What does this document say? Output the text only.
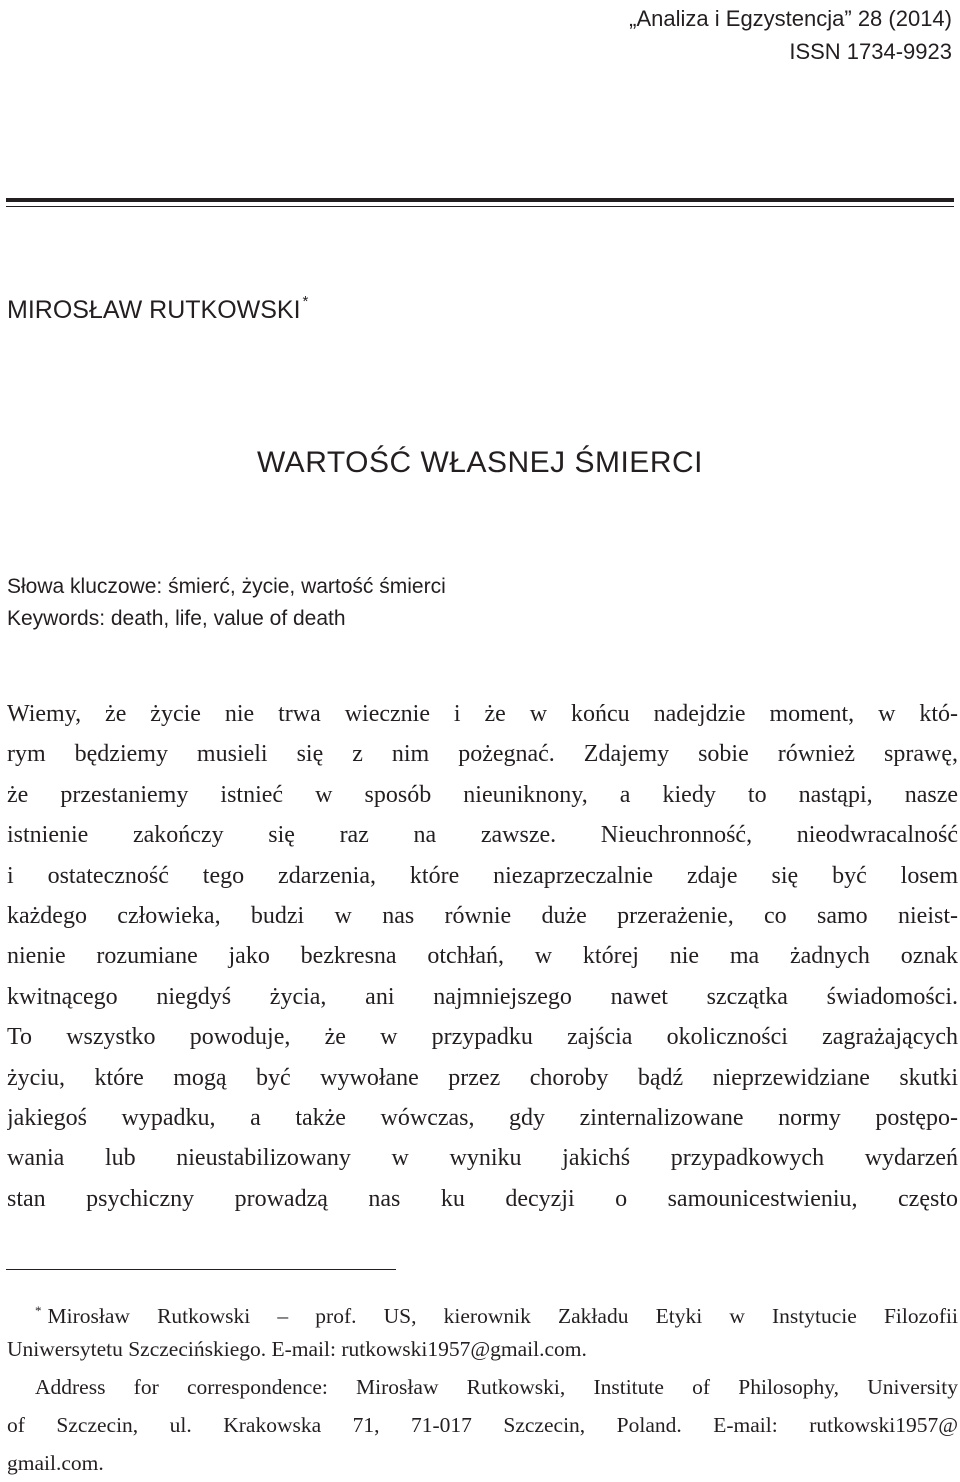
„Analiza i Egzystencja” 28 (2014)
ISSN 1734-9923
MIROSŁAW RUTKOWSKI *
WARTOŚĆ WŁASNEJ ŚMIERCI
Słowa kluczowe: śmierć, życie, wartość śmierci
Keywords: death, life, value of death
Wiemy, że życie nie trwa wiecznie i że w końcu nadejdzie moment, w któ-
rym będziemy musieli się z nim pożegnać. Zdajemy sobie również sprawę,
że przestaniemy istnieć w sposób nieuniknony, a kiedy to nastąpi, nasze
istnienie zakończy się raz na zawsze. Nieuchronność, nieodwracalność
i ostateczność tego zdarzenia, które niezaprzeczalnie zdaje się być losem
każdego człowieka, budzi w nas równie duże przerażenie, co samo nieist-
nienie rozumiane jako bezkresna otchłań, w której nie ma żadnych oznak
kwitnącego niegdyś życia, ani najmniejszego nawet szczątka świadomości.
To wszystko powoduje, że w przypadku zajścia okoliczności zagrażających
życiu, które mogą być wywołane przez choroby bądź nieprzewidziane skutki
jakiegoś wypadku, a także wówczas, gdy zinternalizowane normy postępo-
wania lub nieustabilizowany w wyniku jakichś przypadkowych wydarzeń
stan psychiczny prowadzą nas ku decyzji o samounicestwieniu, często
* Mirosław Rutkowski – prof. US, kierownik Zakładu Etyki w Instytucie Filozofii
Uniwersytetu Szczecińskiego. E-mail: rutkowski1957@gmail.com.
Address for correspondence: Mirosław Rutkowski, Institute of Philosophy, University
of Szczecin, ul. Krakowska 71, 71-017 Szczecin, Poland. E-mail: rutkowski1957@
gmail.com.
